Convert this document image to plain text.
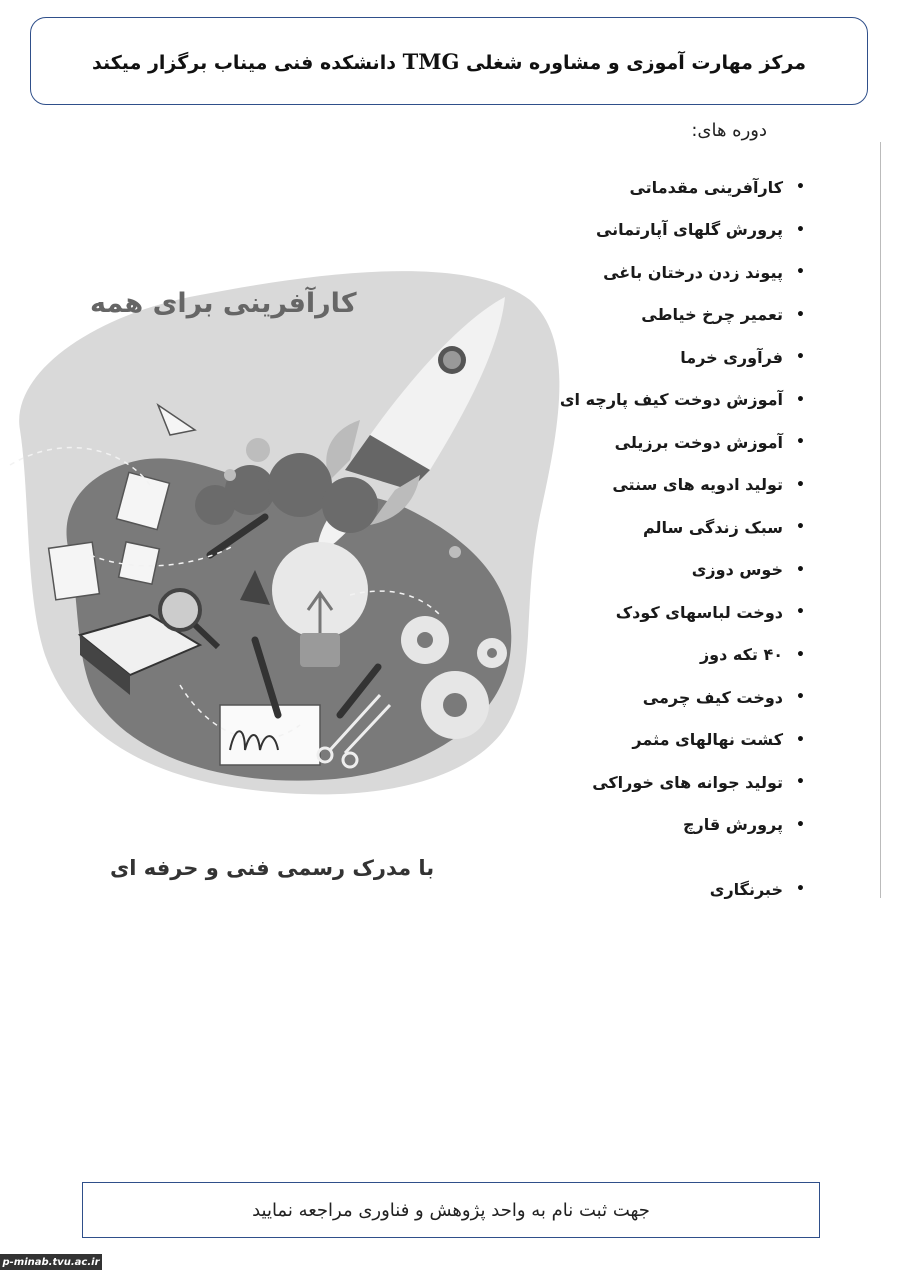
مرکز مهارت آموزی و مشاوره شغلی TMG دانشکده فنی میناب برگزار میکند
دوره های:
کارآفرینی برای همه
•
کارآفرینی مقدماتی
•
پرورش گلهای آپارتمانی
•
پیوند زدن درختان باغی
•
تعمیر چرخ خیاطی
•
فرآوری خرما
•
آموزش دوخت کیف پارچه ای
•
آموزش دوخت برزیلی
•
تولید ادویه های سنتی
•
سبک زندگی سالم
•
خوس دوزی
•
دوخت لباسهای کودک
•
۴۰ تکه دوز
•
دوخت کیف چرمی
•
کشت نهالهای مثمر
•
تولید جوانه های خوراکی
•
پرورش قارچ
•
خبرنگاری
با مدرک رسمی فنی و حرفه ای
جهت ثبت نام به واحد پژوهش و فناوری مراجعه نمایید
p-minab.tvu.ac.ir
